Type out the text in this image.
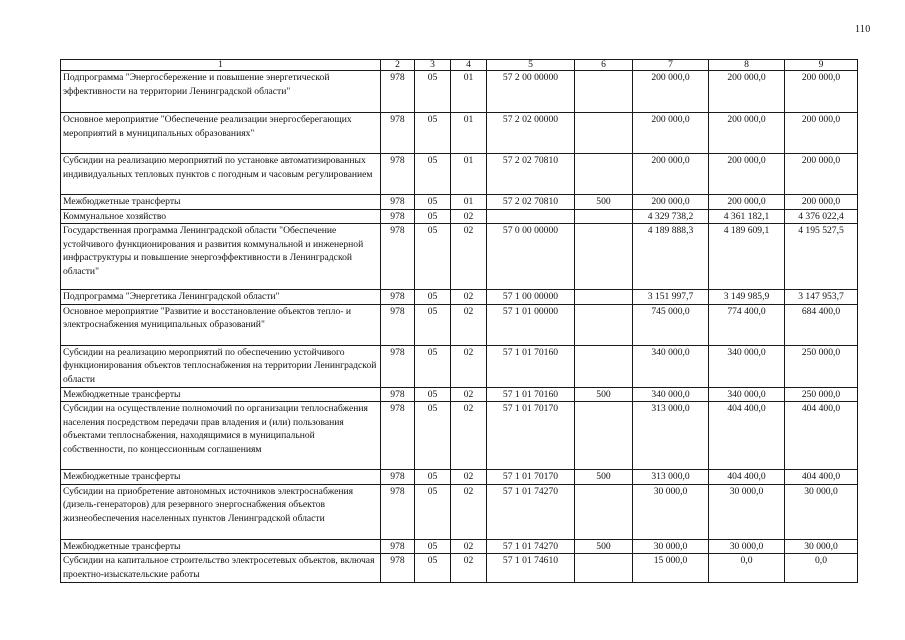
110
1	2	3	4	5	6	7	8	9
Подпрограмма "Энергосбережение и повышение энергетической эффективности на территории Ленинградской области"	978	05	01	57 2 00 00000		200 000,0	200 000,0	200 000,0
Основное мероприятие "Обеспечение реализации энергосберегающих мероприятий в муниципальных образованиях"	978	05	01	57 2 02 00000		200 000,0	200 000,0	200 000,0
Субсидии на реализацию мероприятий по установке автоматизированных индивидуальных тепловых пунктов с погодным и часовым регулированием	978	05	01	57 2 02 70810		200 000,0	200 000,0	200 000,0
Межбюджетные трансферты	978	05	01	57 2 02 70810	500	200 000,0	200 000,0	200 000,0
Коммунальное хозяйство	978	05	02			4 329 738,2	4 361 182,1	4 376 022,4
Государственная программа Ленинградской области "Обеспечение устойчивого функционирования и развития коммунальной и инженерной инфраструктуры и повышение энергоэффективности в Ленинградской области"	978	05	02	57 0 00 00000		4 189 888,3	4 189 609,1	4 195 527,5
Подпрограмма "Энергетика Ленинградской области"	978	05	02	57 1 00 00000		3 151 997,7	3 149 985,9	3 147 953,7
Основное мероприятие "Развитие и восстановление объектов тепло- и электроснабжения муниципальных образований"	978	05	02	57 1 01 00000		745 000,0	774 400,0	684 400,0
Субсидии на реализацию мероприятий по обеспечению устойчивого функционирования объектов теплоснабжения на территории Ленинградской области	978	05	02	57 1 01 70160		340 000,0	340 000,0	250 000,0
Межбюджетные трансферты	978	05	02	57 1 01 70160	500	340 000,0	340 000,0	250 000,0
Субсидии на осуществление полномочий по организации теплоснабжения населения посредством передачи прав владения и (или) пользования объектами теплоснабжения, находящимися в муниципальной собственности, по концессионным соглашениям	978	05	02	57 1 01 70170		313 000,0	404 400,0	404 400,0
Межбюджетные трансферты	978	05	02	57 1 01 70170	500	313 000,0	404 400,0	404 400,0
Субсидии на приобретение автономных источников электроснабжения (дизель-генераторов) для резервного энергоснабжения объектов жизнеобеспечения населенных пунктов Ленинградской области	978	05	02	57 1 01 74270		30 000,0	30 000,0	30 000,0
Межбюджетные трансферты	978	05	02	57 1 01 74270	500	30 000,0	30 000,0	30 000,0
Субсидии на капитальное строительство электросетевых объектов, включая проектно-изыскательские работы	978	05	02	57 1 01 74610		15 000,0	0,0	0,0
